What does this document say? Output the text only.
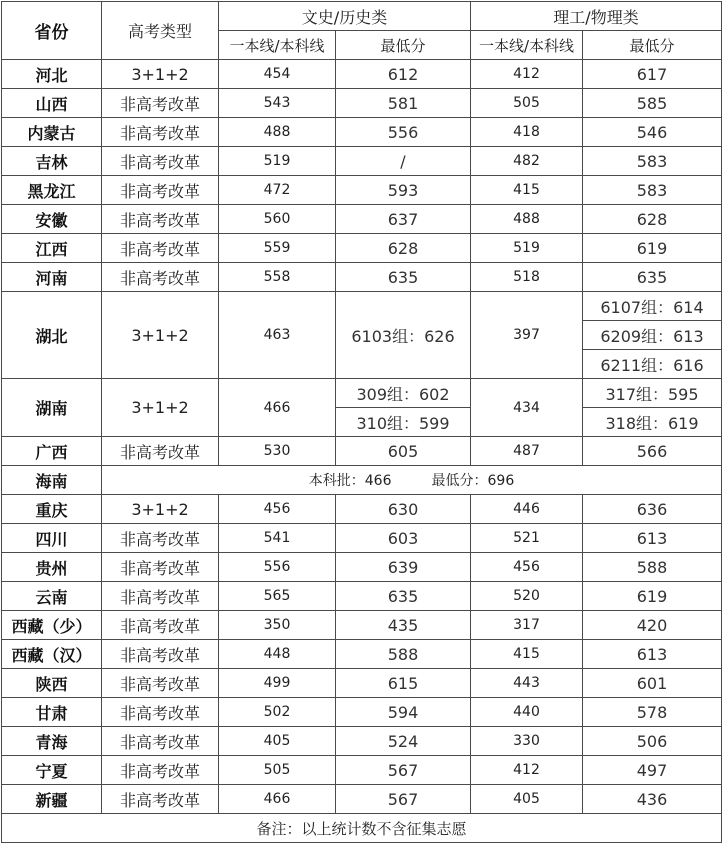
省份	高考类型	文史/历史类		理工/物理类	
		一本线/本科线	最低分	一本线/本科线	最低分
河北	3+1+2	454	612	412	617
山西	非高考改革	543	581	505	585
内蒙古	非高考改革	488	556	418	546
吉林	非高考改革	519	/	482	583
黑龙江	非高考改革	472	593	415	583
安徽	非高考改革	560	637	488	628
江西	非高考改革	559	628	519	619
河南	非高考改革	558	635	518	635
湖北	3+1+2	463	6103组：626	397	6107组：614
					6209组：613
					6211组：616
湖南	3+1+2	466	309组：602	434	317组：595
			310组：599		318组：619
广西	非高考改革	530	605	487	566
海南	本科批：466 最低分：696				
重庆	3+1+2	456	630	446	636
四川	非高考改革	541	603	521	613
贵州	非高考改革	556	639	456	588
云南	非高考改革	565	635	520	619
西藏（少）	非高考改革	350	435	317	420
西藏（汉）	非高考改革	448	588	415	613
陕西	非高考改革	499	615	443	601
甘肃	非高考改革	502	594	440	578
青海	非高考改革	405	524	330	506
宁夏	非高考改革	505	567	412	497
新疆	非高考改革	466	567	405	436
备注：以上统计数不含征集志愿					
